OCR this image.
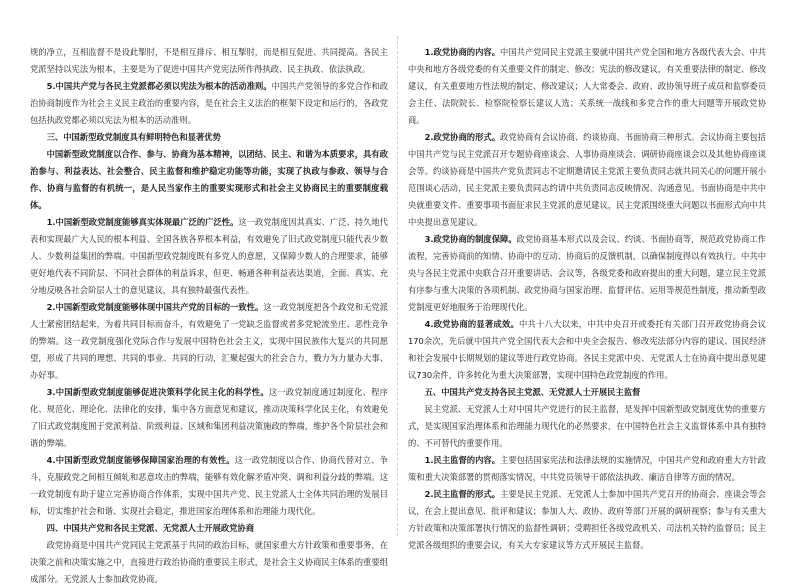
规的净立，互相监督不是设此掣肘，不是相互排斥、相互掣肘，而是相互促进、共同提高。各民主党派坚持以宪法为根本，主要是为了促进中国共产党宪法所作得执政、民主执政、依法执政。

5.中国共产党与各民主党派都必须以宪法为根本的活动准则。中国共产党领导的多党合作和政治协商制度作为社会主义民主政治的重要内容，是在社会主义法治的框架下设定和运行的，各政党包括执政党都必须以宪法为根本的活动准则。

三、中国新型政党制度具有鲜明特色和显著优势

中国新型政党制度以合作、参与、协商为基本精神，以团结、民主、和谐为本质要求，具有政治参与、利益表达、社会整合、民主监督和维护稳定功能等功能，实现了执政与参政、领导与合作、协商与监督的有机统一，是人民当家作主的重要实现形式和社会主义协商民主的重要制度载体。

1.中国新型政党制度能够真实体现最广泛的广泛性。这一政党制度因其真实、广泛、持久地代表和实现最广大人民的根本利益、全国各族各界根本利益，有效避免了旧式政党制度只能代表少数人、少数利益集团的弊端。中国新型政党制度既有多党人的意愿，又保障少数人的合理要求，能够更好地代表不同阶层、不同社会群体的利益诉求，但更、畅通各种利益表达渠道，全面、真实、充分地反映各社会阶层人士的意见建议，具有独特最强代表性。

2.中国新型政党制度能够体现中国共产党的目标的一致性。这一政党制度把各个政党和无党派人士紧密团结起来，为着共同目标而奋斗，有效避免了一党缺乏监督或者多党轮流坐庄、恶性竞争的弊端。这一政党制度强化党际合作与发展中国特色社会主义，实现中国民族伟大复兴的共同愿望，形成了共同的理想、共同的事业、共同的行动，汇聚起强大的社会合力，戮力为力量办大事、办好事。

3.中国新型政党制度能够促进决策科学化民主化的科学性。这一政党制度通过制度化、程序化、规范化、理论化、法律化的安排，集中各方面意见和建议，推动决策科学化民主化，有效避免了旧式政党制度囿于党派利益、阶级利益、区域和集团利益决策施政的弊端，维护各个阶层社会和谐的弊端。

4.中国新型政党制度能够保障国家治理的有效性。这一政党制度以合作、协商代替对立、争斗，克服政党之间相互倾轧和恶意攻击的弊端，能够有效化解矛盾冲突、调和利益分歧的弊端。这一政党制度有助于建立完善协商合作体系，实现中国共产党、民主党派人士全体共同治理的发展目标，切实维护社会和谐、实现社会稳定，推进国家治理体系和治理能力现代化。

四、中国共产党和各民主党派、无党派人士开展政党协商

政党协商是中国共产党同民主党派基于共同的政治目标，就国家重大方针政策和重要事务，在决策之前和决策实施之中，直接进行政治协商的重要民主形式，是社会主义协商民主体系的重要组成部分。无党派人士参加政党协商。

1.政党协商的内容。中国共产党同民主党派主要就中国共产党全国和地方各级代表大会、中共中央和地方各级党委的有关重要文件的制定、修改；宪法的修改建议，有关重要法律的制定、修改建议，有关重要地方性法规的制定、修改建议；人大常委会、政府、政协领导班子成员和监察委员会主任、法院院长、检察院检察长建议人选；关系统一战线和多党合作的重大问题等开展政党协商。

2.政党协商的形式。政党协商有会议协商、约谈协商、书面协商三种形式。会议协商主要包括中国共产党与民主党派召开专题协商座谈会、人事协商座谈会、调研协商座谈会以及其他协商座谈会等。约谈协商是中国共产党负责同志不定期邀请民主党派主要负责同志就共同关心的问题开展小范围谈心活动，民主党派主要负责同志约请中共负责同志反映情况、沟通意见。书面协商是中共中央就重要文件、重要事项书面征求民主党派的意见建议，民主党派围绕重大问题以书面形式向中共中央提出意见建议。

3.政党协商的制度保障。政党协商基本形式以及会议、约谈、书面协商等，规范政党协商工作流程，完善协商前的知情、协商中的互动、协商后的反馈机制，以确保制度得以有效执行。中共中央与各民主党派中央联合召开重要讲话、会议等，各级党委和政府提出的重大问题，建立民主党派有序参与重大决策的各项机制、政党协商与国家治理、监督评估、运用等规范性制度，推动新型政党制度更好地服务于治理现代化。

4.政党协商的显著成效。中共十八大以来，中共中央召开或委托有关部门召开政党协商会议170余次，先后就中国共产党全国代表大会和中央全会报告、修改宪法部分内容的建议、国民经济和社会发展中长期规划的建议等进行政党协商。各民主党派中央、无党派人士在协商中提出意见建议730余件，许多转化为重大决策部署，实现中国特色政党制度的作用。

五、中国共产党支持各民主党派、无党派人士开展民主监督

民主党派、无党派人士对中国共产党进行的民主监督，是发挥中国新型政党制度优势的重要方式，是实现国家治理体系和治理能力现代化的必然要求，在中国特色社会主义监督体系中具有独特的、不可替代的重要作用。

1.民主监督的内容。主要包括国家宪法和法律法规的实施情况，中国共产党和政府重大方针政策和重大决策部署的贯彻落实情况，中共党员领导干部依法执政、廉洁自律等方面的情况。

2.民主监督的形式。主要是民主党派、无党派人士参加中国共产党召开的协商会、座谈会等会议，在会上提出意见、批评和建议；参加人大、政协、政府等部门开展的调研视察；参与有关重大方针政策和决策部署执行情况的监督性调研；受聘担任各级党政机关、司法机关特约监督员；民主党派各级组织的重要会议，有关大专家建议等方式开展民主监督。
